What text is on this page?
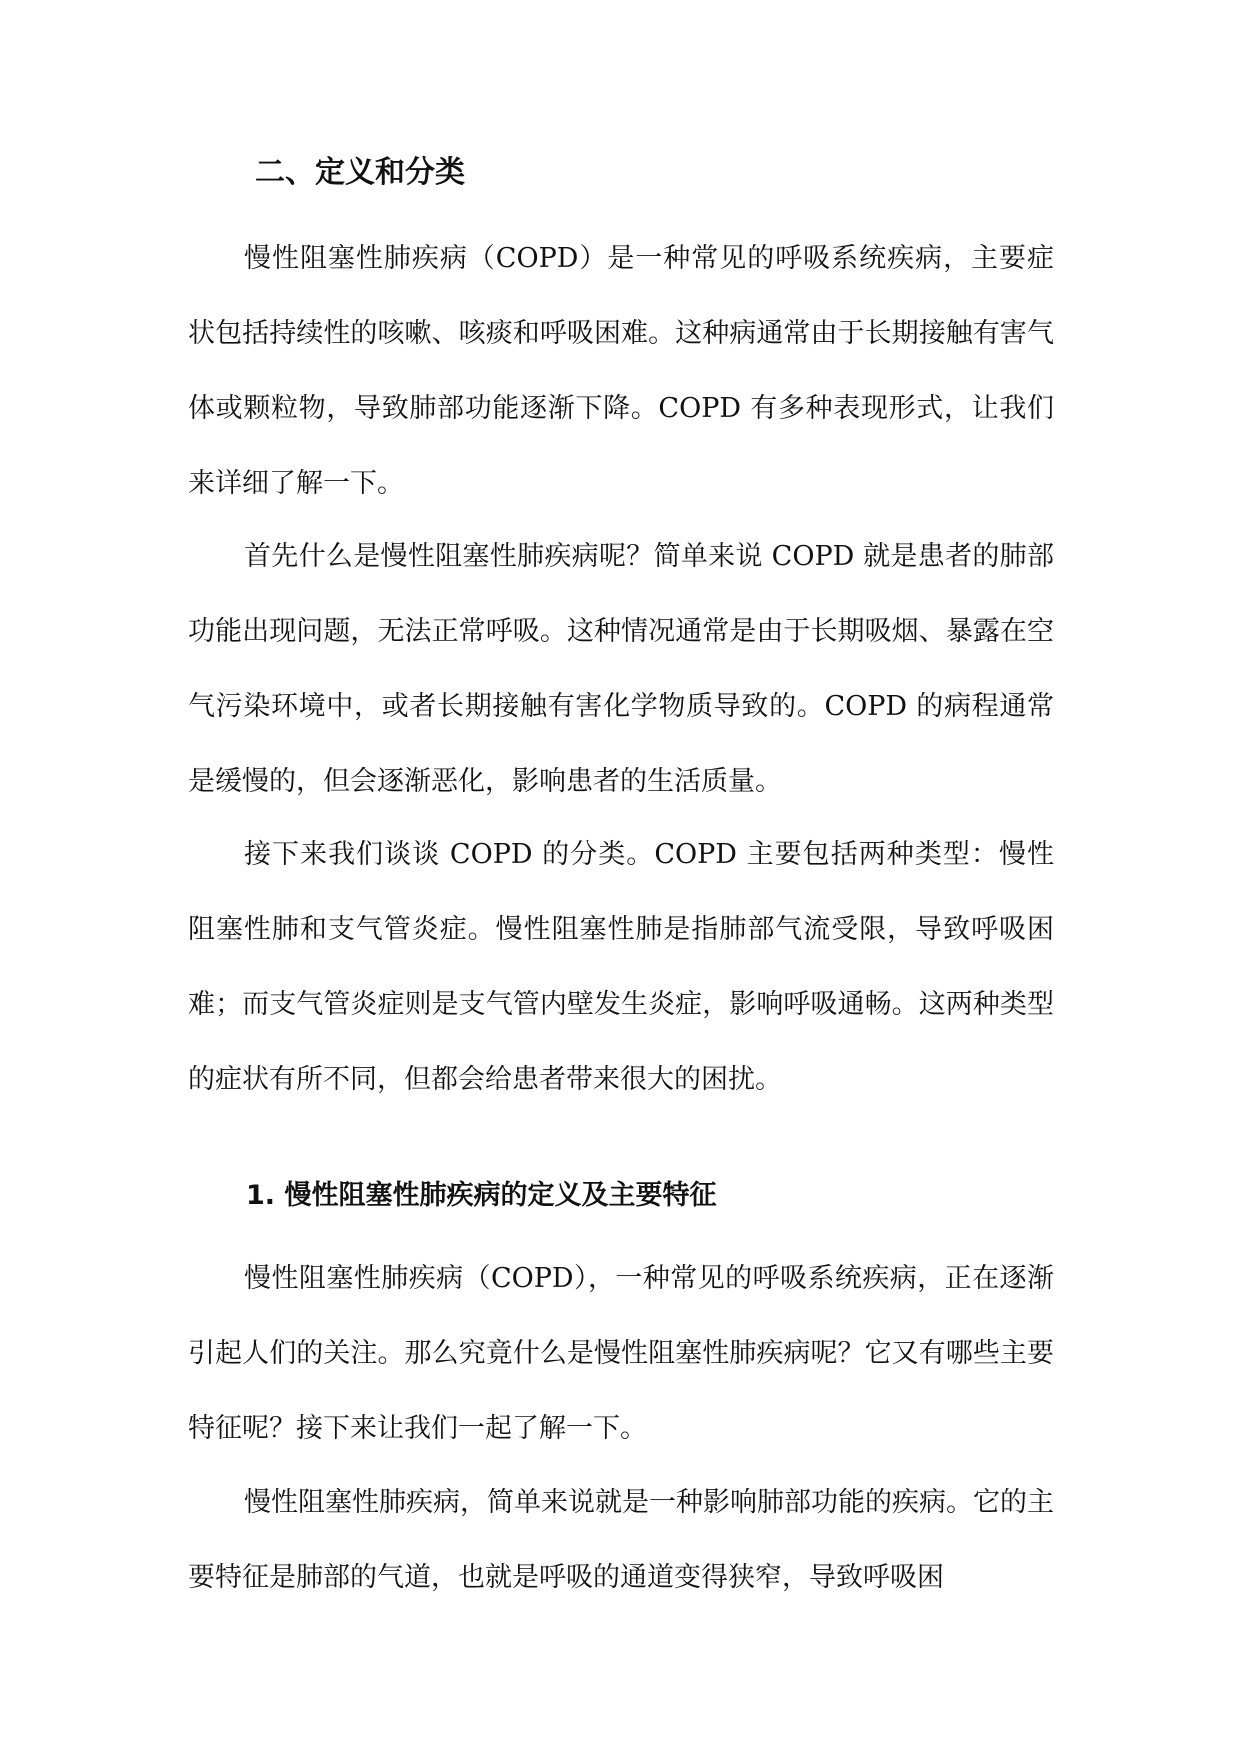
二、定义和分类

慢性阻塞性肺疾病（COPD）是一种常见的呼吸系统疾病，主要症状包括持续性的咳嗽、咳痰和呼吸困难。这种病通常由于长期接触有害气体或颗粒物，导致肺部功能逐渐下降。COPD 有多种表现形式，让我们来详细了解一下。

首先什么是慢性阻塞性肺疾病呢？简单来说 COPD 就是患者的肺部功能出现问题，无法正常呼吸。这种情况通常是由于长期吸烟、暴露在空气污染环境中，或者长期接触有害化学物质导致的。COPD 的病程通常是缓慢的，但会逐渐恶化，影响患者的生活质量。

接下来我们谈谈 COPD 的分类。COPD 主要包括两种类型：慢性阻塞性肺和支气管炎症。慢性阻塞性肺是指肺部气流受限，导致呼吸困难；而支气管炎症则是支气管内壁发生炎症，影响呼吸通畅。这两种类型的症状有所不同，但都会给患者带来很大的困扰。

1. 慢性阻塞性肺疾病的定义及主要特征

慢性阻塞性肺疾病（COPD），一种常见的呼吸系统疾病，正在逐渐引起人们的关注。那么究竟什么是慢性阻塞性肺疾病呢？它又有哪些主要特征呢？接下来让我们一起了解一下。

慢性阻塞性肺疾病，简单来说就是一种影响肺部功能的疾病。它的主要特征是肺部的气道，也就是呼吸的通道变得狭窄，导致呼吸困
